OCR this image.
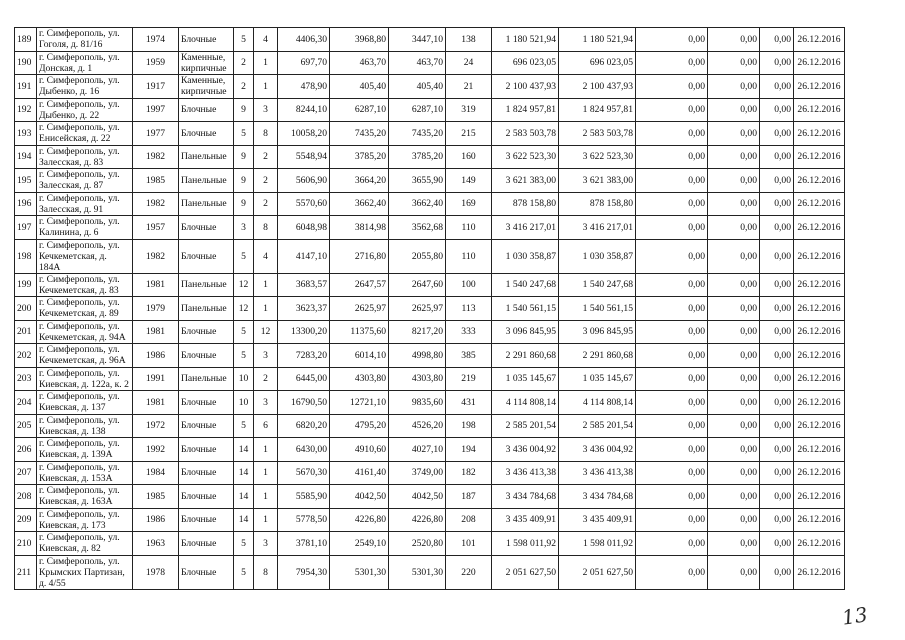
189	г. Симферополь, ул. Гоголя, д. 81/16	1974	Блочные	5	4	4406,30	3968,80	3447,10	138	1 180 521,94	1 180 521,94	0,00	0,00	0,00	26.12.2016
190	г. Симферополь, ул. Донская, д. 1	1959	Каменные, кирпичные	2	1	697,70	463,70	463,70	24	696 023,05	696 023,05	0,00	0,00	0,00	26.12.2016
191	г. Симферополь, ул. Дыбенко, д. 16	1917	Каменные, кирпичные	2	1	478,90	405,40	405,40	21	2 100 437,93	2 100 437,93	0,00	0,00	0,00	26.12.2016
192	г. Симферополь, ул. Дыбенко, д. 22	1997	Блочные	9	3	8244,10	6287,10	6287,10	319	1 824 957,81	1 824 957,81	0,00	0,00	0,00	26.12.2016
193	г. Симферополь, ул. Енисейская, д. 22	1977	Блочные	5	8	10058,20	7435,20	7435,20	215	2 583 503,78	2 583 503,78	0,00	0,00	0,00	26.12.2016
194	г. Симферополь, ул. Залесская, д. 83	1982	Панельные	9	2	5548,94	3785,20	3785,20	160	3 622 523,30	3 622 523,30	0,00	0,00	0,00	26.12.2016
195	г. Симферополь, ул. Залесская, д. 87	1985	Панельные	9	2	5606,90	3664,20	3655,90	149	3 621 383,00	3 621 383,00	0,00	0,00	0,00	26.12.2016
196	г. Симферополь, ул. Залесская, д. 91	1982	Панельные	9	2	5570,60	3662,40	3662,40	169	878 158,80	878 158,80	0,00	0,00	0,00	26.12.2016
197	г. Симферополь, ул. Калинина, д. 6	1957	Блочные	3	8	6048,98	3814,98	3562,68	110	3 416 217,01	3 416 217,01	0,00	0,00	0,00	26.12.2016
198	г. Симферополь, ул. Кечкеметская, д. 184А	1982	Блочные	5	4	4147,10	2716,80	2055,80	110	1 030 358,87	1 030 358,87	0,00	0,00	0,00	26.12.2016
199	г. Симферополь, ул. Кечкеметская, д. 83	1981	Панельные	12	1	3683,57	2647,57	2647,60	100	1 540 247,68	1 540 247,68	0,00	0,00	0,00	26.12.2016
200	г. Симферополь, ул. Кечкеметская, д. 89	1979	Панельные	12	1	3623,37	2625,97	2625,97	113	1 540 561,15	1 540 561,15	0,00	0,00	0,00	26.12.2016
201	г. Симферополь, ул. Кечкеметская, д. 94А	1981	Блочные	5	12	13300,20	11375,60	8217,20	333	3 096 845,95	3 096 845,95	0,00	0,00	0,00	26.12.2016
202	г. Симферополь, ул. Кечкеметская, д. 96А	1986	Блочные	5	3	7283,20	6014,10	4998,80	385	2 291 860,68	2 291 860,68	0,00	0,00	0,00	26.12.2016
203	г. Симферополь, ул. Киевская, д. 122а, к. 2	1991	Панельные	10	2	6445,00	4303,80	4303,80	219	1 035 145,67	1 035 145,67	0,00	0,00	0,00	26.12.2016
204	г. Симферополь, ул. Киевская, д. 137	1981	Блочные	10	3	16790,50	12721,10	9835,60	431	4 114 808,14	4 114 808,14	0,00	0,00	0,00	26.12.2016
205	г. Симферополь, ул. Киевская, д. 138	1972	Блочные	5	6	6820,20	4795,20	4526,20	198	2 585 201,54	2 585 201,54	0,00	0,00	0,00	26.12.2016
206	г. Симферополь, ул. Киевская, д. 139А	1992	Блочные	14	1	6430,00	4910,60	4027,10	194	3 436 004,92	3 436 004,92	0,00	0,00	0,00	26.12.2016
207	г. Симферополь, ул. Киевская, д. 153А	1984	Блочные	14	1	5670,30	4161,40	3749,00	182	3 436 413,38	3 436 413,38	0,00	0,00	0,00	26.12.2016
208	г. Симферополь, ул. Киевская, д. 163А	1985	Блочные	14	1	5585,90	4042,50	4042,50	187	3 434 784,68	3 434 784,68	0,00	0,00	0,00	26.12.2016
209	г. Симферополь, ул. Киевская, д. 173	1986	Блочные	14	1	5778,50	4226,80	4226,80	208	3 435 409,91	3 435 409,91	0,00	0,00	0,00	26.12.2016
210	г. Симферополь, ул. Киевская, д. 82	1963	Блочные	5	3	3781,10	2549,10	2520,80	101	1 598 011,92	1 598 011,92	0,00	0,00	0,00	26.12.2016
211	г. Симферополь, ул. Крымских Партизан, д. 4/55	1978	Блочные	5	8	7954,30	5301,30	5301,30	220	2 051 627,50	2 051 627,50	0,00	0,00	0,00	26.12.2016
13
